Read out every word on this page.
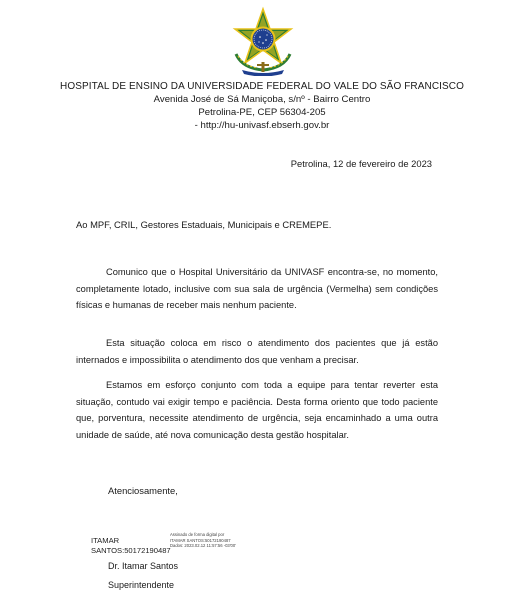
HOSPITAL DE ENSINO DA UNIVERSIDADE FEDERAL DO VALE DO SÃO FRANCISCO
Avenida José de Sá Maniçoba, s/nº - Bairro Centro
Petrolina-PE, CEP 56304-205
- http://hu-univasf.ebserh.gov.br
Petrolina, 12 de fevereiro de 2023
Ao MPF, CRIL, Gestores Estaduais, Municipais e CREMEPE.
Comunico que o Hospital Universitário da UNIVASF encontra-se, no momento, completamente lotado, inclusive com sua sala de urgência (Vermelha) sem condições físicas e humanas de receber mais nenhum paciente.
Esta situação coloca em risco o atendimento dos pacientes que já estão internados e impossibilita o atendimento dos que venham a precisar.
Estamos em esforço conjunto com toda a equipe para tentar reverter esta situação, contudo vai exigir tempo e paciência. Desta forma oriento que todo paciente que, porventura, necessite atendimento de urgência, seja encaminhado a uma outra unidade de saúde, até nova comunicação desta gestão hospitalar.
Atenciosamente,
ITAMAR
SANTOS:50172190487
Assinado de forma digital por
ITAMAR SANTOS:50172190487
Dados: 2023.02.12 11:57:56 -03'00'
Dr. Itamar Santos
Superintendente
